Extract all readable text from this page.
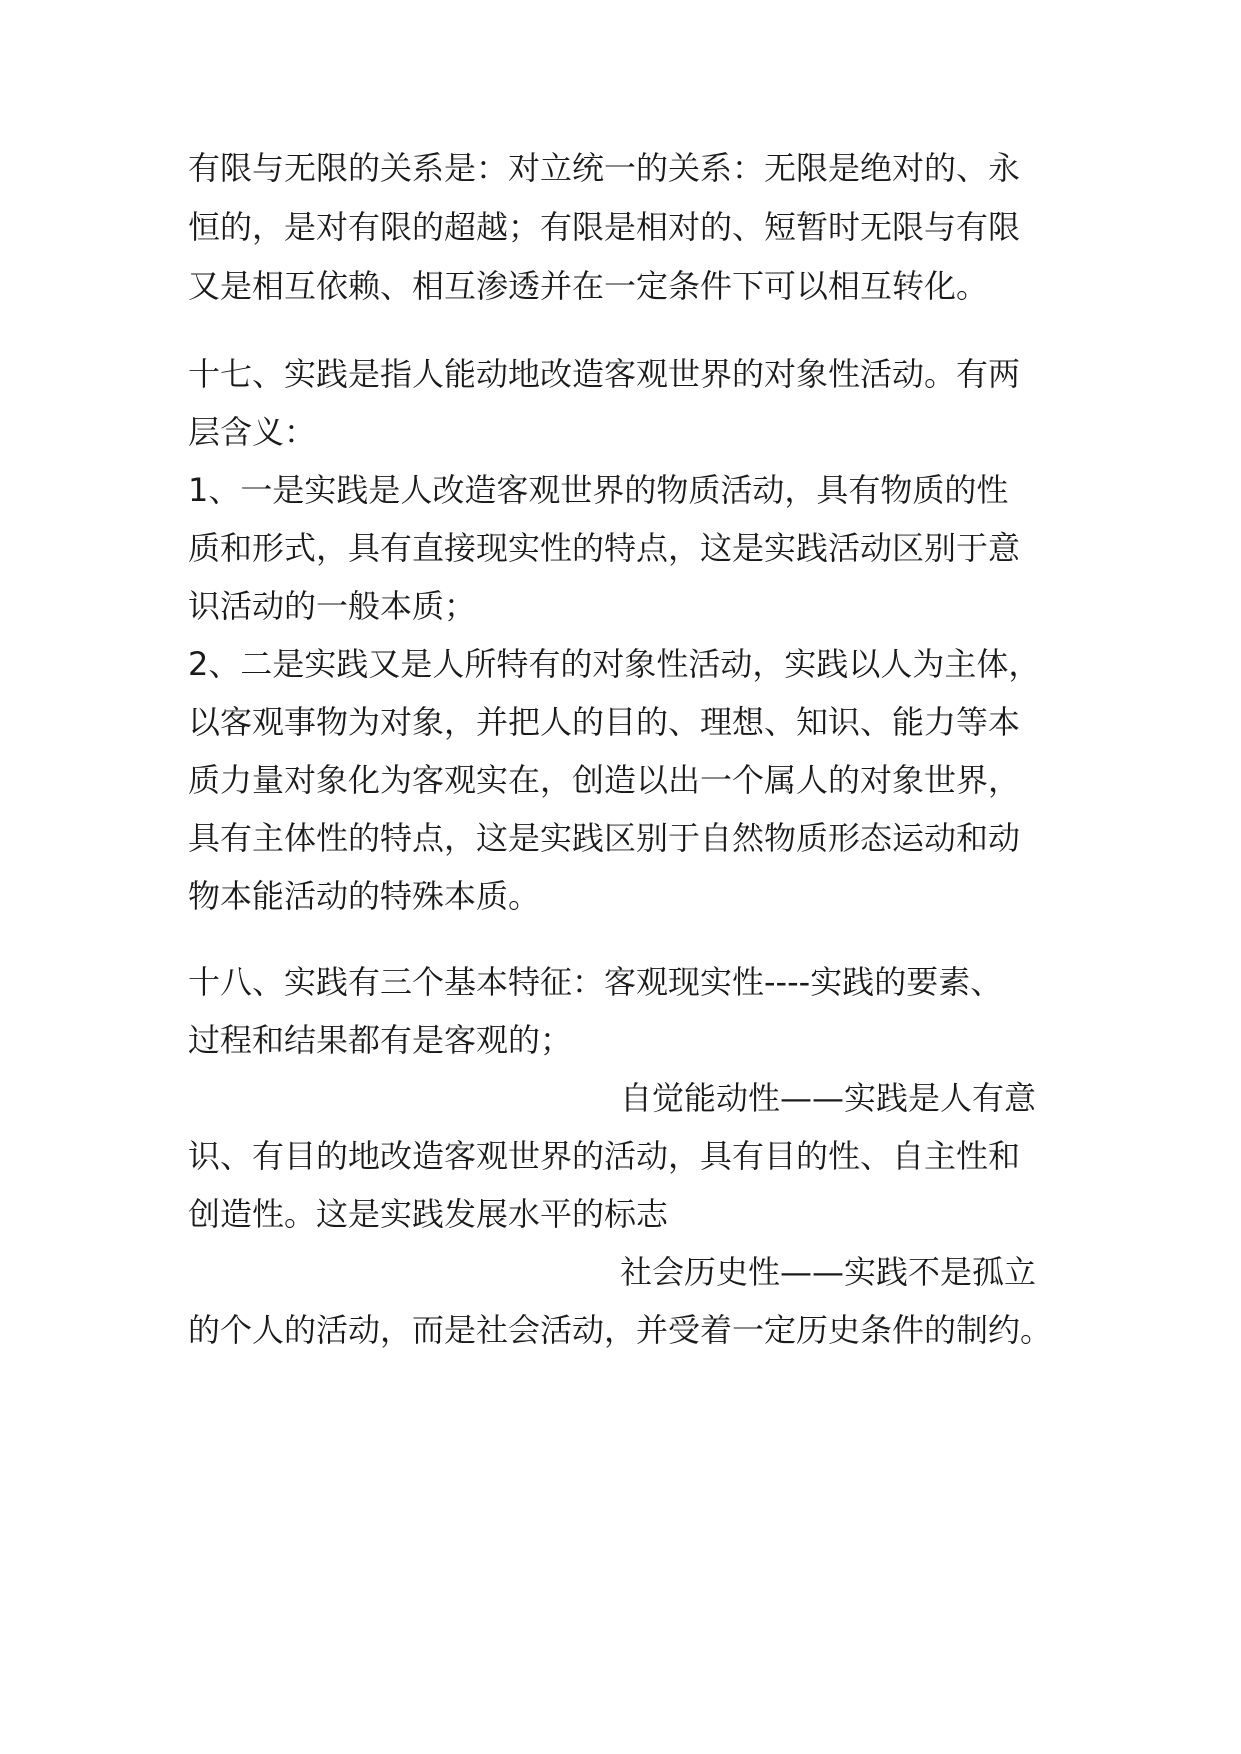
有限与无限的关系是：对立统一的关系：无限是绝对的、永
恒的，是对有限的超越；有限是相对的、短暂时无限与有限
又是相互依赖、相互渗透并在一定条件下可以相互转化。
十七、实践是指人能动地改造客观世界的对象性活动。有两
层含义：
1、一是实践是人改造客观世界的物质活动，具有物质的性
质和形式，具有直接现实性的特点，这是实践活动区别于意
识活动的一般本质；
2、二是实践又是人所特有的对象性活动，实践以人为主体，
以客观事物为对象，并把人的目的、理想、知识、能力等本
质力量对象化为客观实在，创造以出一个属人的对象世界，
具有主体性的特点，这是实践区别于自然物质形态运动和动
物本能活动的特殊本质。
十八、实践有三个基本特征：客观现实性----实践的要素、
过程和结果都有是客观的；
自觉能动性——实践是人有意
识、有目的地改造客观世界的活动，具有目的性、自主性和
创造性。这是实践发展水平的标志
社会历史性——实践不是孤立
的个人的活动，而是社会活动，并受着一定历史条件的制约。
